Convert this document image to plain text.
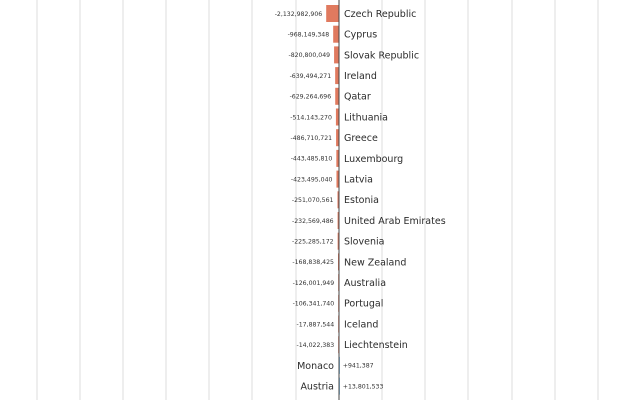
-2,132,982,906 Czech Republic
-968,149,348 Cyprus
-820,800,049 Slovak Republic
-639,494,271 Ireland
-629,264,696 Qatar
-514,143,270 Lithuania
-486,710,721 Greece
-443,485,810 Luxembourg
-423,495,040 Latvia
-251,070,561 Estonia
-232,569,486 United Arab Emirates
-225,285,172 Slovenia
-168,838,425 New Zealand
-126,001,949 Australia
-106,341,740 Portugal
-17,887,544 Iceland
-14,022,383 Liechtenstein
Monaco +941,387
Austria +13,801,533
